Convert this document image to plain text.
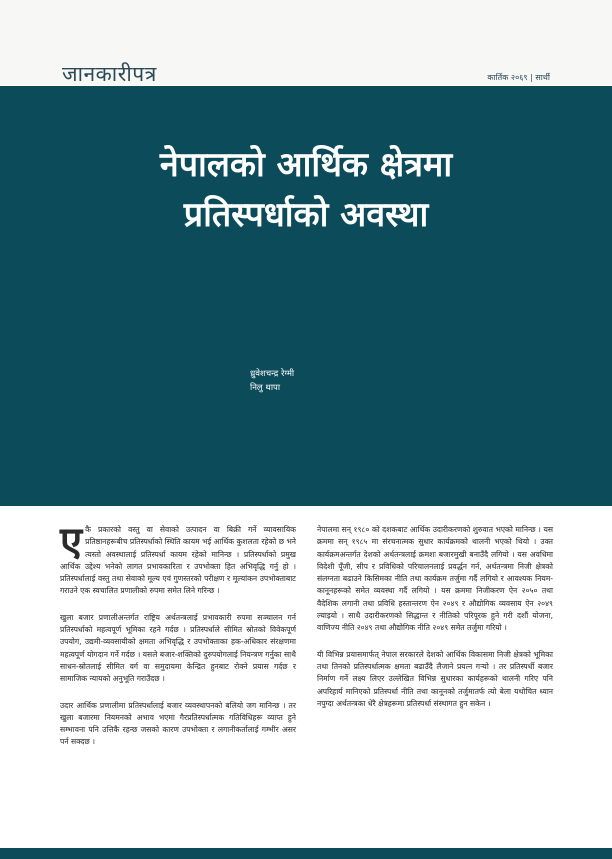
जानकारीपत्र	कार्तिक २०६९ | सार्थी
नेपालको आर्थिक क्षेत्रमा
प्रतिस्पर्धाको अवस्था
ध्रुवेशचन्द्र रेग्मी
निलु थापा

एकै प्रकारको वस्तु वा सेवाको उत्पादन वा बिक्री गर्ने व्यावसायिक प्रतिष्ठानहरूबीच प्रतिस्पर्धाको स्थिति कायम भई आर्थिक कुशलता रहेको छ भने त्यस्तो अवस्थालाई प्रतिस्पर्धा कायम रहेको मानिन्छ । प्रतिस्पर्धाको प्रमुख आर्थिक उद्देश्य भनेको लागत प्रभावकारिता र उपभोक्ता हित अभिवृद्धि गर्नु हो । प्रतिस्पर्धालाई वस्तु तथा सेवाको मूल्य एवं गुणस्तरको परीक्षण र मूल्यांकन उपभोक्ताबाट गराउने एक स्वचालित प्रणालीको रुपमा समेत लिने गरिन्छ ।

खुला बजार प्रणालीअन्तर्गत राष्ट्रिय अर्थतन्त्रलाई प्रभावकारी रुपमा सञ्चालन गर्न प्रतिस्पर्धाको महत्वपूर्ण भूमिका रहने गर्दछ । प्रतिस्पर्धाले सीमित स्रोतको विवेकपूर्ण उपयोग, उद्यमी-व्यवसायीको क्षमता अभिवृद्धि र उपभोक्ताका हक-अधिकार संरक्षणमा महत्वपूर्ण योगदान गर्ने गर्दछ । यसले बजार-शक्तिको दुरुपयोगलाई नियन्त्रण गर्नुका साथै साधन-स्रोतलाई सीमित वर्ग वा समुदायमा केन्द्रित हुनबाट रोक्ने प्रयास गर्दछ र सामाजिक न्यायको अनुभूति गराउँदछ ।

उदार आर्थिक प्रणालीमा प्रतिस्पर्धालाई बजार व्यवस्थापनको बलियो जग मानिन्छ । तर खुला बजारमा नियमनको अभाव भएमा गैरप्रतिस्पर्धात्मक गतिविधिहरू व्याप्त हुने सम्भावना पनि उत्तिकै रहन्छ जसको कारण उपभोक्ता र लगानीकर्तालाई गम्भीर असर पर्न सक्दछ ।

नेपालमा सन् १९८० को दशकबाट आर्थिक उदारीकरणको शुरुवात भएको मानिन्छ । यस क्रममा सन् १९८५ मा संरचनात्मक सुधार कार्यक्रमको थालनी भएको थियो । उक्त कार्यक्रमअन्तर्गत देशको अर्थतन्त्रलाई क्रमशः बजारमुखी बनाउँदै लगियो । यस अवधिमा विदेशी पूँजी, सीप र प्रविधिको परिचालनलाई प्रवर्द्धन गर्न, अर्थतन्त्रमा निजी क्षेत्रको संलग्नता बढाउने किसिमका नीति तथा कार्यक्रम तर्जुमा गर्दै लगियो र आवश्यक नियम-कानूनहरूको समेत व्यवस्था गर्दै लगियो । यस क्रममा निजीकरण ऐन २०५० तथा वैदेशिक लगानी तथा प्रविधि हस्तान्तरण ऐन २०४९ र औद्योगिक व्यवसाय ऐन २०४९ ल्याइयो । साथै उदारीकरणको सिद्धान्त र नीतिको परिपूरक हुने गरी दशौं योजना, वाणिज्य नीति २०४९ तथा औद्योगिक नीति २०४९ समेत तर्जुमा गरियो ।

यी विभिन्न प्रयासमार्फत् नेपाल सरकारले देशको आर्थिक विकासमा निजी क्षेत्रको भूमिका तथा तिनको प्रतिस्पर्धात्मक क्षमता बढाउँदै लैजाने प्रयत्न गऱ्यो । तर प्रतिस्पर्धी बजार निर्माण गर्ने लक्ष्य लिएर उल्लेखित विभिन्न सुधारका कार्यहरूको थालनी गरिए पनि अपरिहार्य मानिएको प्रतिस्पर्धा नीति तथा कानूनको तर्जुमातर्फ त्यो बेला यथोचित ध्यान नपुग्दा अर्थतन्त्रका धेरै क्षेत्रहरूमा प्रतिस्पर्धा संस्थागत हुन सकेन ।
